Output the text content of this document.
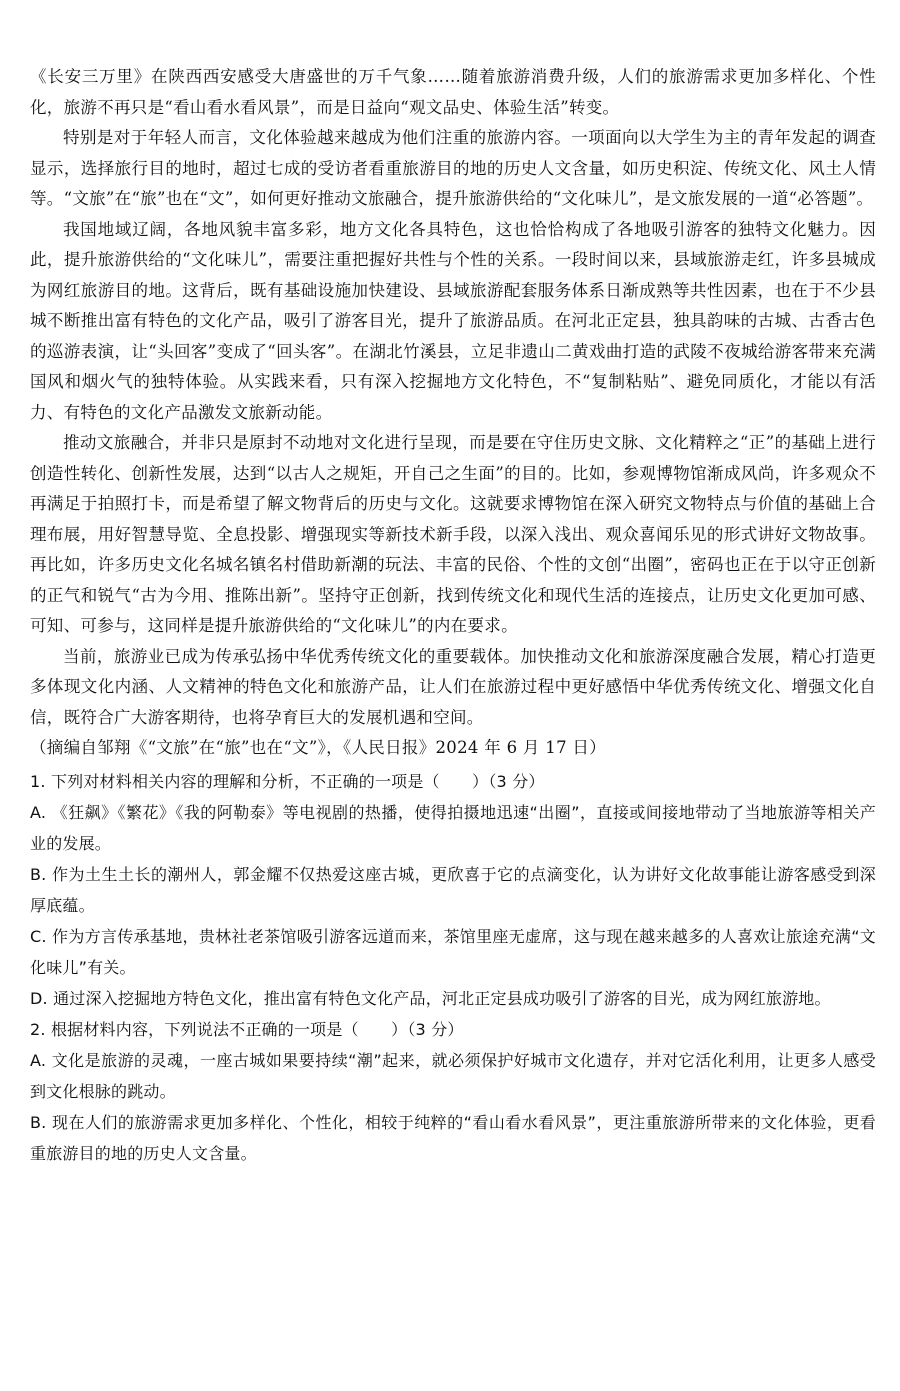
《长安三万里》在陕西西安感受大唐盛世的万千气象……随着旅游消费升级，人们的旅游需求更加多样化、个性化，旅游不再只是“看山看水看风景”，而是日益向“观文品史、体验生活”转变。

特别是对于年轻人而言，文化体验越来越成为他们注重的旅游内容。一项面向以大学生为主的青年发起的调查显示，选择旅行目的地时，超过七成的受访者看重旅游目的地的历史人文含量，如历史积淀、传统文化、风土人情等。“文旅”在“旅”也在“文”，如何更好推动文旅融合，提升旅游供给的“文化味儿”，是文旅发展的一道“必答题”。

我国地域辽阔，各地风貌丰富多彩，地方文化各具特色，这也恰恰构成了各地吸引游客的独特文化魅力。因此，提升旅游供给的“文化味儿”，需要注重把握好共性与个性的关系。一段时间以来，县域旅游走红，许多县城成为网红旅游目的地。这背后，既有基础设施加快建设、县域旅游配套服务体系日渐成熟等共性因素，也在于不少县城不断推出富有特色的文化产品，吸引了游客目光，提升了旅游品质。在河北正定县，独具韵味的古城、古香古色的巡游表演，让“头回客”变成了“回头客”。在湖北竹溪县，立足非遗山二黄戏曲打造的武陵不夜城给游客带来充满国风和烟火气的独特体验。从实践来看，只有深入挖掘地方文化特色，不“复制粘贴”、避免同质化，才能以有活力、有特色的文化产品激发文旅新动能。

推动文旅融合，并非只是原封不动地对文化进行呈现，而是要在守住历史文脉、文化精粹之“正”的基础上进行创造性转化、创新性发展，达到“以古人之规矩，开自己之生面”的目的。比如，参观博物馆渐成风尚，许多观众不再满足于拍照打卡，而是希望了解文物背后的历史与文化。这就要求博物馆在深入研究文物特点与价值的基础上合理布展，用好智慧导览、全息投影、增强现实等新技术新手段，以深入浅出、观众喜闻乐见的形式讲好文物故事。再比如，许多历史文化名城名镇名村借助新潮的玩法、丰富的民俗、个性的文创“出圈”，密码也正在于以守正创新的正气和锐气“古为今用、推陈出新”。坚持守正创新，找到传统文化和现代生活的连接点，让历史文化更加可感、可知、可参与，这同样是提升旅游供给的“文化味儿”的内在要求。

当前，旅游业已成为传承弘扬中华优秀传统文化的重要载体。加快推动文化和旅游深度融合发展，精心打造更多体现文化内涵、人文精神的特色文化和旅游产品，让人们在旅游过程中更好感悟中华优秀传统文化、增强文化自信，既符合广大游客期待，也将孕育巨大的发展机遇和空间。

（摘编自邹翔《“文旅”在“旅”也在“文”》，《人民日报》2024 年 6 月 17 日）

1. 下列对材料相关内容的理解和分析，不正确的一项是（　　）（3 分）

A. 《狂飙》《繁花》《我的阿勒泰》等电视剧的热播，使得拍摄地迅速“出圈”，直接或间接地带动了当地旅游等相关产业的发展。

B. 作为土生土长的潮州人，郭金耀不仅热爱这座古城，更欣喜于它的点滴变化，认为讲好文化故事能让游客感受到深厚底蕴。

C. 作为方言传承基地，贵林社老茶馆吸引游客远道而来，茶馆里座无虚席，这与现在越来越多的人喜欢让旅途充满“文化味儿”有关。

D. 通过深入挖掘地方特色文化，推出富有特色文化产品，河北正定县成功吸引了游客的目光，成为网红旅游地。

2. 根据材料内容，下列说法不正确的一项是（　　）（3 分）

A. 文化是旅游的灵魂，一座古城如果要持续“潮”起来，就必须保护好城市文化遗存，并对它活化利用，让更多人感受到文化根脉的跳动。

B. 现在人们的旅游需求更加多样化、个性化，相较于纯粹的“看山看水看风景”，更注重旅游所带来的文化体验，更看重旅游目的地的历史人文含量。
